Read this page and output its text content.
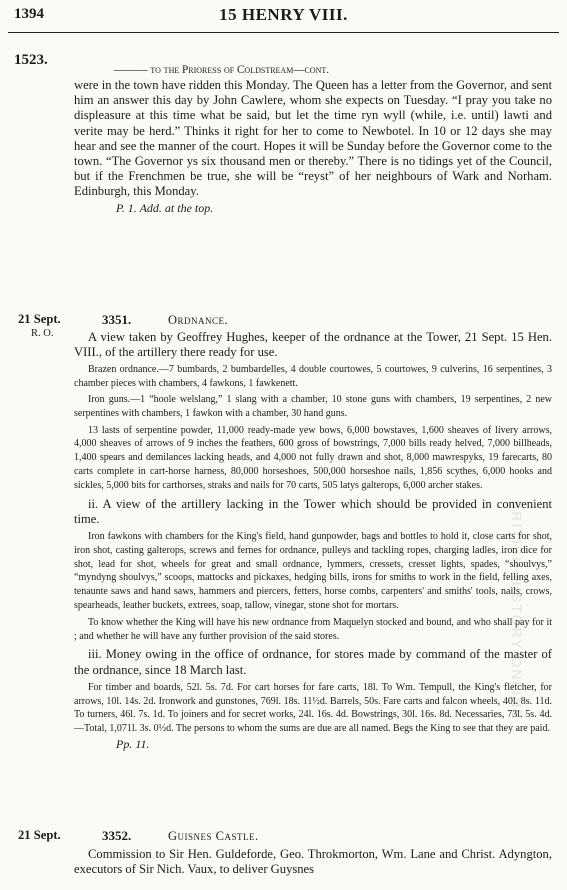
1394	15 HENRY VIII.
1523.
BRITISH HISTORY ONLINE
——— to the Prioress of Coldstream—cont.

were in the town have ridden this Monday. The Queen has a letter from the Governor, and sent him an answer this day by John Cawlere, whom she expects on Tuesday. “I pray you take no displeasure at this time what be said, but let the time ryn wyll (while, i.e. until) lawti and verite may be herd.” Thinks it right for her to come to Newbotel. In 10 or 12 days she may hear and see the manner of the court. Hopes it will be Sunday before the Governor come to the town. “The Governor ys six thousand men or thereby.” There is no tidings yet of the Council, but if the Frenchmen be true, she will be “reyst” of her neighbours of Wark and Norham. Edinburgh, this Monday.

P. 1. Add. at the top.

21 Sept.
R. O.
3351.	Ordnance.

A view taken by Geoffrey Hughes, keeper of the ordnance at the Tower, 21 Sept. 15 Hen. VIII., of the artillery there ready for use.

Brazen ordnance.—7 bumbards, 2 bumbardelles, 4 double courtowes, 5 courtowes, 9 culverins, 16 serpentines, 3 chamber pieces with chambers, 4 fawkons, 1 fawkenett.

Iron guns.—1 “hoole welslang,” 1 slang with a chamber, 10 stone guns with chambers, 19 serpentines, 2 new serpentines with chambers, 1 fawkon with a chamber, 30 hand guns.

13 lasts of serpentine powder, 11,000 ready-made yew bows, 6,000 bowstaves, 1,600 sheaves of livery arrows, 4,000 sheaves of arrows of 9 inches the feathers, 600 gross of bowstrings, 7,000 bills ready helved, 7,000 billheads, 1,400 spears and demilances lacking heads, and 4,000 not fully drawn and shot, 8,000 mawrespyks, 19 farecarts, 80 carts complete in cart-horse harness, 80,000 horseshoes, 500,000 horseshoe nails, 1,856 scythes, 6,000 hooks and sickles, 5,000 bits for carthorses, straks and nails for 70 carts, 505 latys galterops, 6,000 archer stakes.

ii. A view of the artillery lacking in the Tower which should be provided in convenient time.

Iron fawkons with chambers for the King's field, hand gunpowder, bags and bottles to hold it, close carts for shot, iron shot, casting galterops, screws and fernes for ordnance, pulleys and tackling ropes, charging ladles, iron dice for shot, lead for shot, wheels for great and small ordnance, lymmers, cressets, cresset lights, spades, “shoulvys,” “myndyng shoulvys,” scoops, mattocks and pickaxes, hedging bills, irons for smiths to work in the field, felling axes, tenaunte saws and hand saws, hammers and piercers, fetters, horse combs, carpenters' and smiths' tools, nails, crows, spearheads, leather buckets, extrees, soap, tallow, vinegar, stone shot for mortars.

To know whether the King will have his new ordnance from Maquelyn stocked and bound, and who shall pay for it ; and whether he will have any further provision of the said stores.

iii. Money owing in the office of ordnance, for stores made by command of the master of the ordnance, since 18 March last.

For timber and boards, 52l. 5s. 7d. For cart horses for fare carts, 18l. To Wm. Tempull, the King's fletcher, for arrows, 10l. 14s. 2d. Ironwork and gunstones, 769l. 18s. 11½d. Barrels, 50s. Fare carts and falcon wheels, 40l. 8s. 11d. To turners, 46l. 7s. 1d. To joiners and for secret works, 24l. 16s. 4d. Bowstrings, 30l. 16s. 8d. Necessaries, 73l. 5s. 4d.—Total, 1,071l. 3s. 0½d. The persons to whom the sums are due are all named. Begs the King to see that they are paid.

Pp. 11.

21 Sept.	3352.	Guisnes Castle.

Commission to Sir Hen. Guldeforde, Geo. Throkmorton, Wm. Lane and Christ. Adyngton, executors of Sir Nich. Vaux, to deliver Guysnes
